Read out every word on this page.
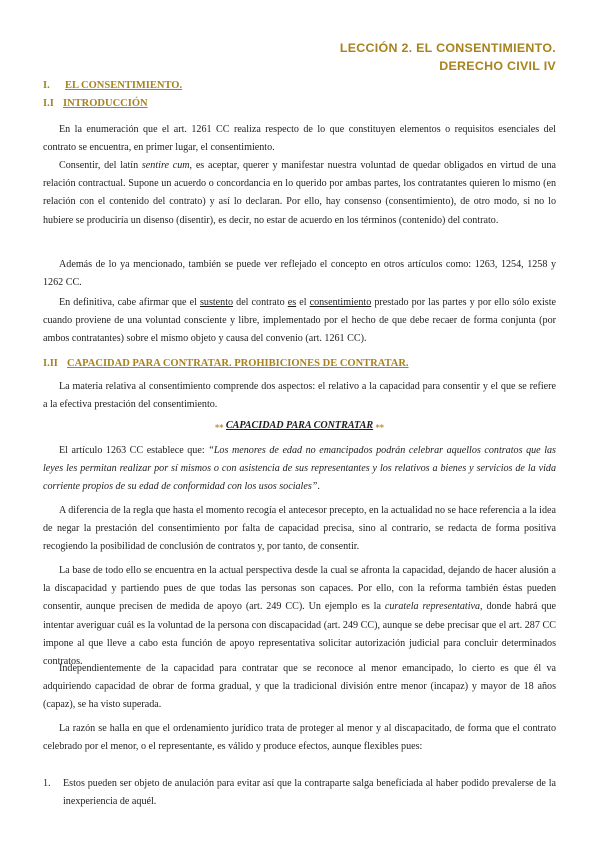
LECCIÓN 2. EL CONSENTIMIENTO.
DERECHO CIVIL IV
I. EL CONSENTIMIENTO.
I.I INTRODUCCIÓN

En la enumeración que el art. 1261 CC realiza respecto de lo que constituyen elementos o requisitos esenciales del contrato se encuentra, en primer lugar, el consentimiento.

Consentir, del latín sentire cum, es aceptar, querer y manifestar nuestra voluntad de quedar obligados en virtud de una relación contractual. Supone un acuerdo o concordancia en lo querido por ambas partes, los contratantes quieren lo mismo (en relación con el contenido del contrato) y así lo declaran. Por ello, hay consenso (consentimiento), de otro modo, si no lo hubiere se produciría un disenso (disentir), es decir, no estar de acuerdo en los términos (contenido) del contrato.

Además de lo ya mencionado, también se puede ver reflejado el concepto en otros artículos como: 1263, 1254, 1258 y 1262 CC.

En definitiva, cabe afirmar que el sustento del contrato es el consentimiento prestado por las partes y por ello sólo existe cuando proviene de una voluntad consciente y libre, implementado por el hecho de que debe recaer de forma conjunta (por ambos contratantes) sobre el mismo objeto y causa del convenio (art. 1261 CC).

I.II CAPACIDAD PARA CONTRATAR. PROHIBICIONES DE CONTRATAR.

La materia relativa al consentimiento comprende dos aspectos: el relativo a la capacidad para consentir y el que se refiere a la efectiva prestación del consentimiento.

⁎⁎ CAPACIDAD PARA CONTRATAR ⁎⁎

El artículo 1263 CC establece que: “Los menores de edad no emancipados podrán celebrar aquellos contratos que las leyes les permitan realizar por sí mismos o con asistencia de sus representantes y los relativos a bienes y servicios de la vida corriente propios de su edad de conformidad con los usos sociales”.

A diferencia de la regla que hasta el momento recogía el antecesor precepto, en la actualidad no se hace referencia a la idea de negar la prestación del consentimiento por falta de capacidad precisa, sino al contrario, se redacta de forma positiva recogiendo la posibilidad de conclusión de contratos y, por tanto, de consentir.

La base de todo ello se encuentra en la actual perspectiva desde la cual se afronta la capacidad, dejando de hacer alusión a la discapacidad y partiendo pues de que todas las personas son capaces. Por ello, con la reforma también éstas pueden consentir, aunque precisen de medida de apoyo (art. 249 CC). Un ejemplo es la curatela representativa, donde habrá que intentar averiguar cuál es la voluntad de la persona con discapacidad (art. 249 CC), aunque se debe precisar que el art. 287 CC impone al que lleve a cabo esta función de apoyo representativa solicitar autorización judicial para concluir determinados contratos.

Independientemente de la capacidad para contratar que se reconoce al menor emancipado, lo cierto es que él va adquiriendo capacidad de obrar de forma gradual, y que la tradicional división entre menor (incapaz) y mayor de 18 años (capaz), se ha visto superada.

La razón se halla en que el ordenamiento jurídico trata de proteger al menor y al discapacitado, de forma que el contrato celebrado por el menor, o el representante, es válido y produce efectos, aunque flexibles pues:

1. Estos pueden ser objeto de anulación para evitar así que la contraparte salga beneficiada al haber podido prevalerse de la inexperiencia de aquél.
